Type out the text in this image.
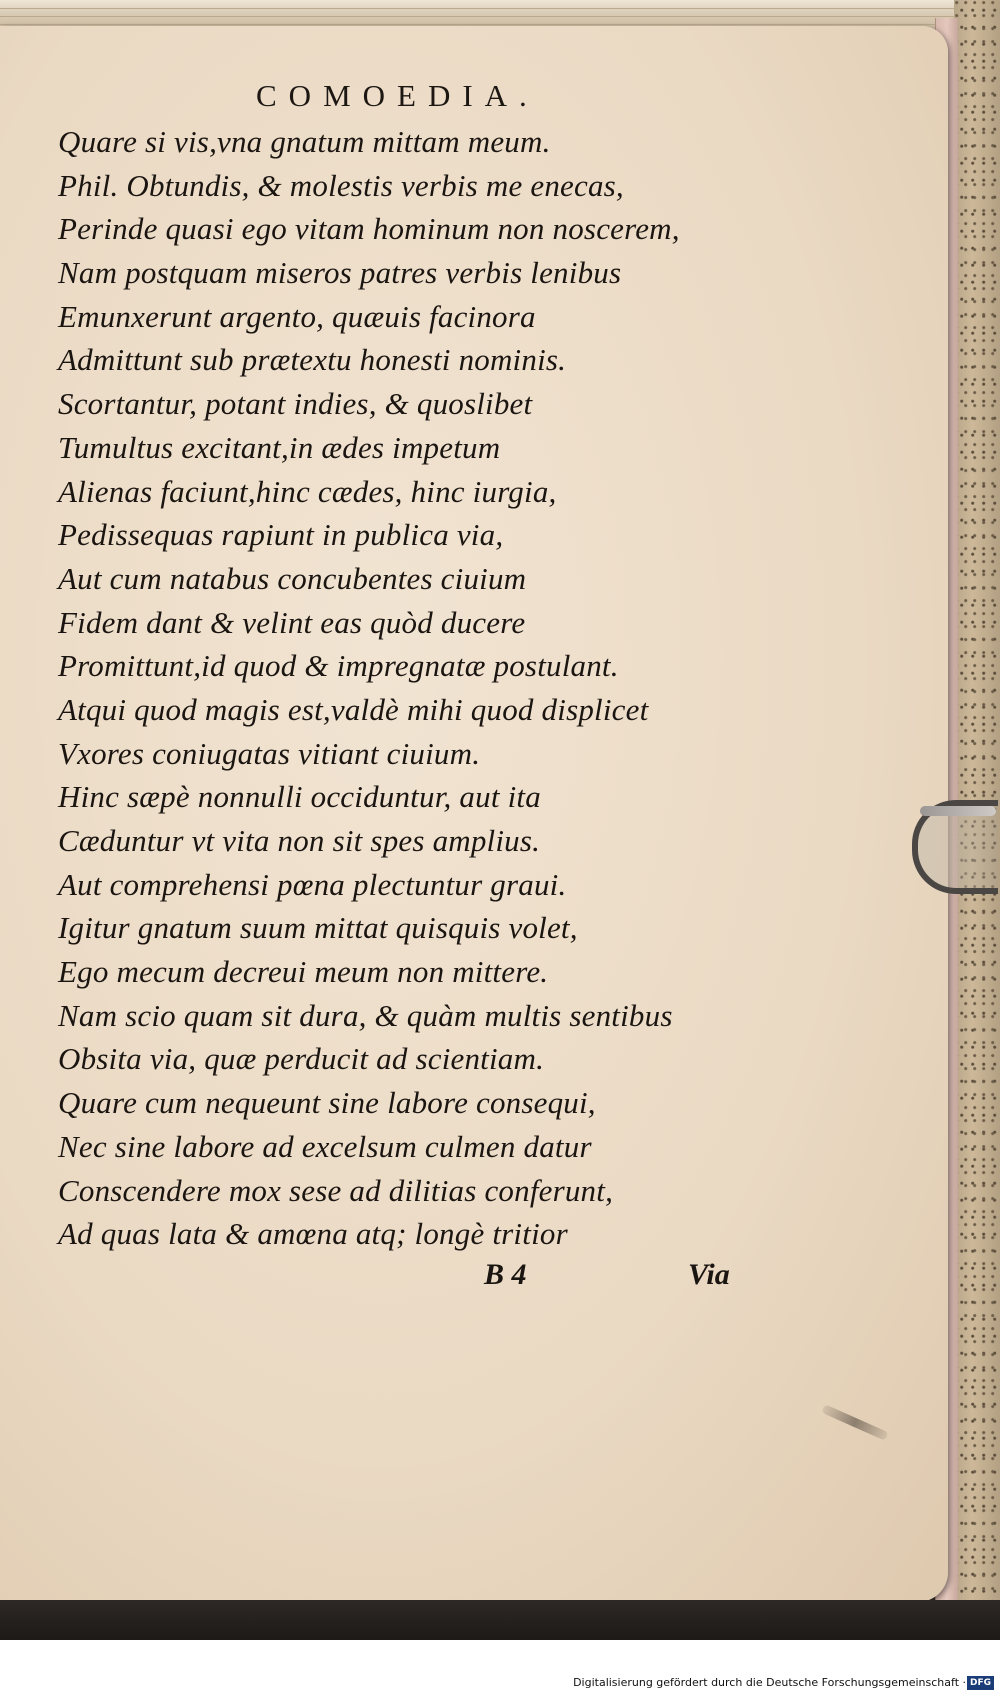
COMOEDIA.
Quare si vis,vna gnatum mittam meum.
Phil. Obtundis, & molestis verbis me enecas,
Perinde quasi ego vitam hominum non noscerem,
Nam postquam miseros patres verbis lenibus
Emunxerunt argento, quæuis facinora
Admittunt sub prætextu honesti nominis.
Scortantur, potant indies, & quoslibet
Tumultus excitant,in ædes impetum
Alienas faciunt,hinc cædes, hinc iurgia,
Pedissequas rapiunt in publica via,
Aut cum natabus concubentes ciuium
Fidem dant & velint eas quòd ducere
Promittunt,id quod & impregnatæ postulant.
Atqui quod magis est,valdè mihi quod displicet
Vxores coniugatas vitiant ciuium.
Hinc sæpè nonnulli occiduntur, aut ita
Cæduntur vt vita non sit spes amplius.
Aut comprehensi pœna plectuntur graui.
Igitur gnatum suum mittat quisquis volet,
Ego mecum decreui meum non mittere.
Nam scio quam sit dura, & quàm multis sentibus
Obsita via, quæ perducit ad scientiam.
Quare cum nequeunt sine labore consequi,
Nec sine labore ad excelsum culmen datur
Conscendere mox sese ad dilitias conferunt,
Ad quas lata & amœna atq; longè tritior
B 4	Via
Digitalisierung gefördert durch die Deutsche Forschungsgemeinschaft · DFG
